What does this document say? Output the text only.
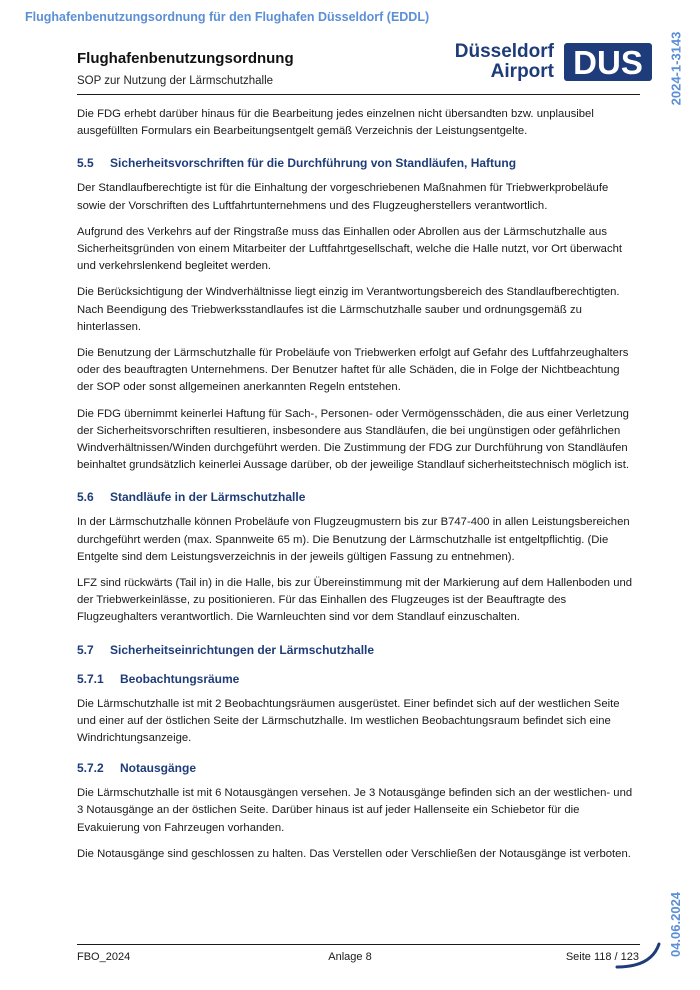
Flughafenbenutzungsordnung für den Flughafen Düsseldorf (EDDL)
2024-1-3143
Flughafenbenutzungsordnung
SOP zur Nutzung der Lärmschutzhalle
Düsseldorf
Airport DUS

Die FDG erhebt darüber hinaus für die Bearbeitung jedes einzelnen nicht übersandten bzw. unplausibel ausgefüllten Formulars ein Bearbeitungsentgelt gemäß Verzeichnis der Leistungsentgelte.

5.5 Sicherheitsvorschriften für die Durchführung von Standläufen, Haftung

Der Standlaufberechtigte ist für die Einhaltung der vorgeschriebenen Maßnahmen für Triebwerkprobeläufe sowie der Vorschriften des Luftfahrtunternehmens und des Flugzeugherstellers verantwortlich.

Aufgrund des Verkehrs auf der Ringstraße muss das Einhallen oder Abrollen aus der Lärmschutzhalle aus Sicherheitsgründen von einem Mitarbeiter der Luftfahrtgesellschaft, welche die Halle nutzt, vor Ort überwacht und verkehrslenkend begleitet werden.

Die Berücksichtigung der Windverhältnisse liegt einzig im Verantwortungsbereich des Standlaufberechtigten. Nach Beendigung des Triebwerksstandlaufes ist die Lärmschutzhalle sauber und ordnungsgemäß zu hinterlassen.

Die Benutzung der Lärmschutzhalle für Probeläufe von Triebwerken erfolgt auf Gefahr des Luftfahrzeughalters oder des beauftragten Unternehmens. Der Benutzer haftet für alle Schäden, die in Folge der Nichtbeachtung der SOP oder sonst allgemeinen anerkannten Regeln entstehen.

Die FDG übernimmt keinerlei Haftung für Sach-, Personen- oder Vermögensschäden, die aus einer Verletzung der Sicherheitsvorschriften resultieren, insbesondere aus Standläufen, die bei ungünstigen oder gefährlichen Windverhältnissen/Winden durchgeführt werden. Die Zustimmung der FDG zur Durchführung von Standläufen beinhaltet grundsätzlich keinerlei Aussage darüber, ob der jeweilige Standlauf sicherheitstechnisch möglich ist.

5.6 Standläufe in der Lärmschutzhalle

In der Lärmschutzhalle können Probeläufe von Flugzeugmustern bis zur B747-400 in allen Leistungsbereichen durchgeführt werden (max. Spannweite 65 m). Die Benutzung der Lärmschutzhalle ist entgeltpflichtig. (Die Entgelte sind dem Leistungsverzeichnis in der jeweils gültigen Fassung zu entnehmen).

LFZ sind rückwärts (Tail in) in die Halle, bis zur Übereinstimmung mit der Markierung auf dem Hallenboden und der Triebwerkeinlässe, zu positionieren. Für das Einhallen des Flugzeuges ist der Beauftragte des Flugzeughalters verantwortlich. Die Warnleuchten sind vor dem Standlauf einzuschalten.

5.7 Sicherheitseinrichtungen der Lärmschutzhalle
5.7.1 Beobachtungsräume

Die Lärmschutzhalle ist mit 2 Beobachtungsräumen ausgerüstet. Einer befindet sich auf der westlichen Seite und einer auf der östlichen Seite der Lärmschutzhalle. Im westlichen Beobachtungsraum befindet sich eine Windrichtungsanzeige.

5.7.2 Notausgänge

Die Lärmschutzhalle ist mit 6 Notausgängen versehen. Je 3 Notausgänge befinden sich an der westlichen- und 3 Notausgänge an der östlichen Seite. Darüber hinaus ist auf jeder Hallenseite ein Schiebetor für die Evakuierung von Fahrzeugen vorhanden.

Die Notausgänge sind geschlossen zu halten. Das Verstellen oder Verschließen der Notausgänge ist verboten.

04.06.2024
FBO_2024	Anlage 8	Seite 118 / 123
